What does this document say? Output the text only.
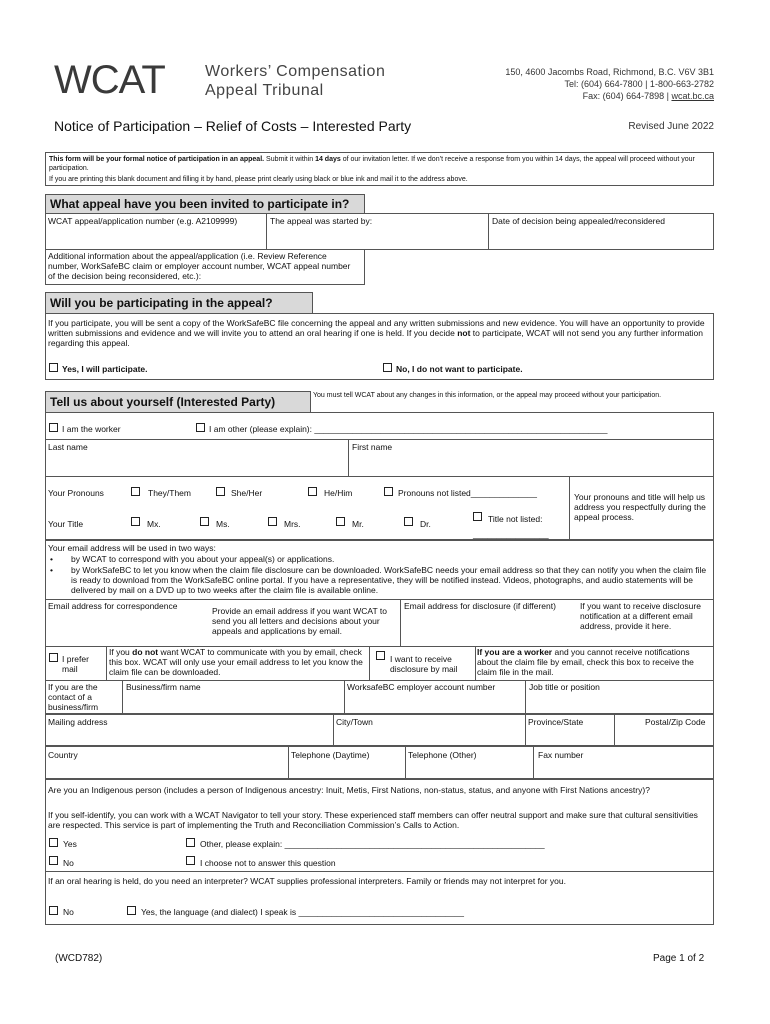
WCAT	Workers’ Compensation
Appeal Tribunal
150, 4600 Jacombs Road, Richmond, B.C. V6V 3B1
Tel: (604) 664-7800 | 1-800-663-2782
Fax: (604) 664-7898 | wcat.bc.ca
Notice of Participation – Relief of Costs – Interested Party	Revised June 2022
This form will be your formal notice of participation in an appeal. Submit it within 14 days of our invitation letter. If we don’t receive a response from you within 14 days, the appeal will proceed without your participation.
If you are printing this blank document and filling it by hand, please print clearly using black or blue ink and mail it to the address above.
What appeal have you been invited to participate in?
WCAT appeal/application number (e.g. A2109999)	The appeal was started by:	Date of decision being appealed/reconsidered
Additional information about the appeal/application (i.e. Review Reference number, WorkSafeBC claim or employer account number, WCAT appeal number of the decision being reconsidered, etc.):
Will you be participating in the appeal?
If you participate, you will be sent a copy of the WorkSafeBC file concerning the appeal and any written submissions and new evidence. You will have an opportunity to provide written submissions and evidence and we will invite you to attend an oral hearing if one is held. If you decide not to participate, WCAT will not send you any further information regarding this appeal.
Yes, I will participate.	No, I do not want to participate.
Tell us about yourself (Interested Party)	You must tell WCAT about any changes in this information, or the appeal may proceed without your participation.
I am the worker	I am other (please explain): ______________________________________________________________
Last name	First name
Your Pronouns	They/Them	She/Her	He/Him	Pronouns not listed______________	Your pronouns and title will help us address you respectfully during the appeal process.
Your Title	Mx.	Ms.	Mrs.	Mr.	Dr.	Title not listed:
________________
Your email address will be used in two ways:
• by WCAT to correspond with you about your appeal(s) or applications.
• by WorkSafeBC to let you know when the claim file disclosure can be downloaded. WorkSafeBC needs your email address so that they can notify you when the claim file is ready to download from the WorkSafeBC online portal. If you have a representative, they will be notified instead. Videos, photographs, and audio statements will be delivered by mail on a DVD up to two weeks after the claim file is available online.
Email address for correspondence	Provide an email address if you want WCAT to send you all letters and decisions about your appeals and applications by email.
Email address for disclosure (if different)	If you want to receive disclosure notification at a different email address, provide it here.
I prefer mail
If you do not want WCAT to communicate with you by email, check this box. WCAT will only use your email address to let you know the claim file can be downloaded.
I want to receive disclosure by mail
If you are a worker and you cannot receive notifications about the claim file by email, check this box to receive the claim file in the mail.
If you are the contact of a business/firm
Business/firm name	WorksafeBC employer account number	Job title or position
Mailing address	City/Town	Province/State	Postal/Zip Code
Country	Telephone (Daytime)	Telephone (Other)	Fax number
Are you an Indigenous person (includes a person of Indigenous ancestry: Inuit, Metis, First Nations, non-status, status, and anyone with First Nations ancestry)?
If you self-identify, you can work with a WCAT Navigator to tell your story. These experienced staff members can offer neutral support and make sure that cultural sensitivities are respected. This service is part of implementing the Truth and Reconciliation Commission’s Calls to Action.
Yes	Other, please explain: _______________________________________________________
No	I choose not to answer this question
If an oral hearing is held, do you need an interpreter? WCAT supplies professional interpreters. Family or friends may not interpret for you.
No	Yes, the language (and dialect) I speak is ___________________________________
(WCD782)	Page 1 of 2
